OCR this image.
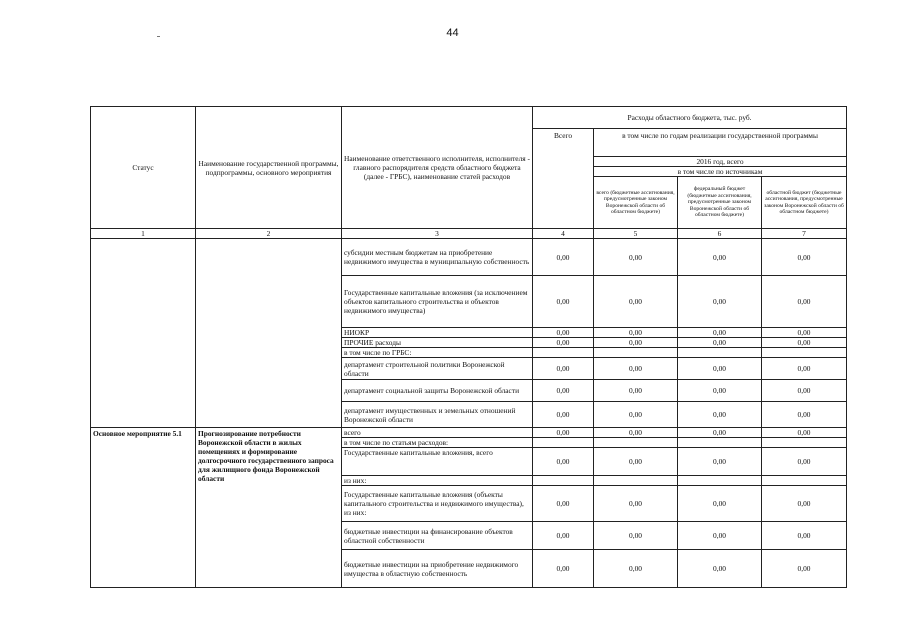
44
Статус	Наименование государственной программы, подпрограммы, основного мероприятия	Наименование ответственного исполнителя, исполнителя - главного распорядителя средств областного бюджета (далее - ГРБС), наименование статей расходов	Расходы областного бюджета, тыс. руб.			
			Всего	в том числе по годам реализации государственной программы		
				2016 год, всего		
				в том числе по источникам		
				всего (бюджетные ассигнования, предусмотренные законом Воронежской области об областном бюджете)	федеральный бюджет (бюджетные ассигнования, предусмотренные законом Воронежской области об областном бюджете)	областной бюджет (бюджетные ассигнования, предусмотренные законом Воронежской области об областном бюджете)
1	2	3	4	5	6	7
		субсидии местным бюджетам на приобретение недвижимого имущества в муниципальную собственность	0,00	0,00	0,00	0,00
		Государственные капитальные вложения (за исключением объектов капитального строительства и объектов недвижимого имущества)	0,00	0,00	0,00	0,00
		НИОКР	0,00	0,00	0,00	0,00
		ПРОЧИЕ расходы	0,00	0,00	0,00	0,00
		в том числе по ГРБС:				
		департамент строительной политики Воронежской области	0,00	0,00	0,00	0,00
		департамент социальной защиты Воронежской области	0,00	0,00	0,00	0,00
		департамент имущественных и земельных отношений Воронежской области	0,00	0,00	0,00	0,00
Основное мероприятие 5.1	Прогнозирование потребности Воронежской области в жилых помещениях и формирование долгосрочного государственного запроса для жилищного фонда Воронежской области	всего	0,00	0,00	0,00	0,00
		в том числе по статьям расходов:				
		Государственные капитальные вложения, всего	0,00	0,00	0,00	0,00
		из них:				
		Государственные капитальные вложения (объекты капитального строительства и недвижимого имущества), из них:	0,00	0,00	0,00	0,00
		бюджетные инвестиции на финансирование объектов областной собственности	0,00	0,00	0,00	0,00
		бюджетные инвестиции на приобретение недвижимого имущества в областную собственность	0,00	0,00	0,00	0,00
